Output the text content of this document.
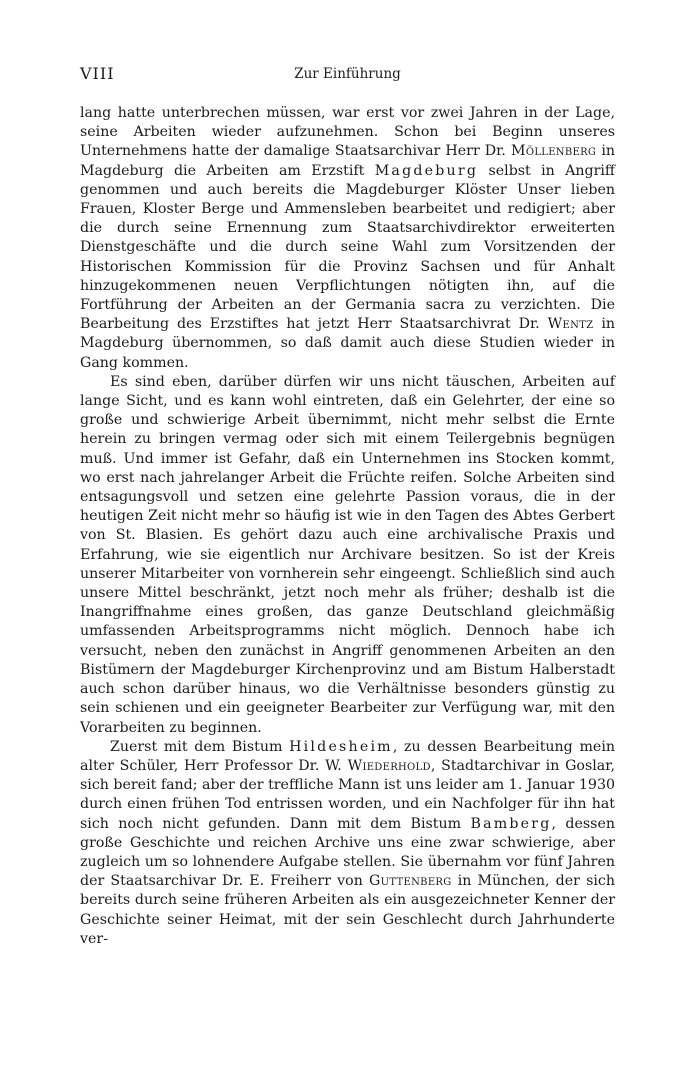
VIII	Zur Einführung

lang hatte unterbrechen müssen, war erst vor zwei Jahren in der Lage, seine Arbeiten wieder aufzunehmen. Schon bei Beginn unseres Unternehmens hatte der damalige Staatsarchivar Herr Dr. Möllenberg in Magdeburg die Arbeiten am Erzstift Magdeburg selbst in Angriff genommen und auch bereits die Magdeburger Klöster Unser lieben Frauen, Kloster Berge und Ammensleben bearbeitet und redigiert; aber die durch seine Ernennung zum Staatsarchivdirektor erweiterten Dienstgeschäfte und die durch seine Wahl zum Vorsitzenden der Historischen Kommission für die Provinz Sachsen und für Anhalt hinzugekommenen neuen Verpflichtungen nötigten ihn, auf die Fortführung der Arbeiten an der Germania sacra zu verzichten. Die Bearbeitung des Erzstiftes hat jetzt Herr Staatsarchivrat Dr. Wentz in Magdeburg übernommen, so daß damit auch diese Studien wieder in Gang kommen.

Es sind eben, darüber dürfen wir uns nicht täuschen, Arbeiten auf lange Sicht, und es kann wohl eintreten, daß ein Gelehrter, der eine so große und schwierige Arbeit übernimmt, nicht mehr selbst die Ernte herein zu bringen vermag oder sich mit einem Teilergebnis begnügen muß. Und immer ist Gefahr, daß ein Unternehmen ins Stocken kommt, wo erst nach jahrelanger Arbeit die Früchte reifen. Solche Arbeiten sind entsagungsvoll und setzen eine gelehrte Passion voraus, die in der heutigen Zeit nicht mehr so häufig ist wie in den Tagen des Abtes Gerbert von St. Blasien. Es gehört dazu auch eine archivalische Praxis und Erfahrung, wie sie eigentlich nur Archivare besitzen. So ist der Kreis unserer Mitarbeiter von vornherein sehr eingeengt. Schließlich sind auch unsere Mittel beschränkt, jetzt noch mehr als früher; deshalb ist die Inangriffnahme eines großen, das ganze Deutschland gleichmäßig umfassenden Arbeitsprogramms nicht möglich. Dennoch habe ich versucht, neben den zunächst in Angriff genommenen Arbeiten an den Bistümern der Magdeburger Kirchenprovinz und am Bistum Halberstadt auch schon darüber hinaus, wo die Verhältnisse besonders günstig zu sein schienen und ein geeigneter Bearbeiter zur Verfügung war, mit den Vorarbeiten zu beginnen.

Zuerst mit dem Bistum Hildesheim, zu dessen Bearbeitung mein alter Schüler, Herr Professor Dr. W. Wiederhold, Stadtarchivar in Goslar, sich bereit fand; aber der treffliche Mann ist uns leider am 1. Januar 1930 durch einen frühen Tod entrissen worden, und ein Nachfolger für ihn hat sich noch nicht gefunden. Dann mit dem Bistum Bamberg, dessen große Geschichte und reichen Archive uns eine zwar schwierige, aber zugleich um so lohnendere Aufgabe stellen. Sie übernahm vor fünf Jahren der Staatsarchivar Dr. E. Freiherr von Guttenberg in München, der sich bereits durch seine früheren Arbeiten als ein ausgezeichneter Kenner der Geschichte seiner Heimat, mit der sein Geschlecht durch Jahrhunderte ver-
